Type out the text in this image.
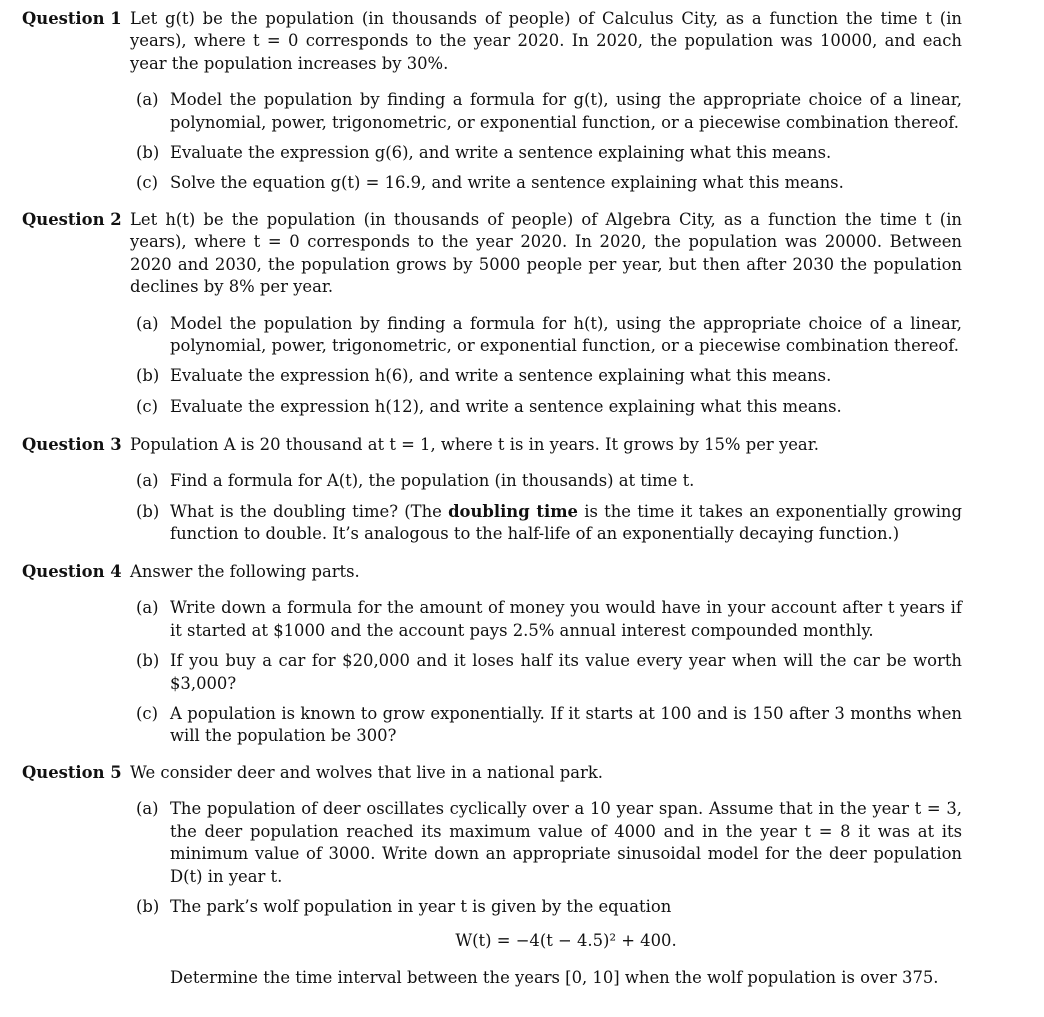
Question 1 Let g(t) be the population (in thousands of people) of Calculus City, as a function the time t (in years), where t = 0 corresponds to the year 2020. In 2020, the population was 10000, and each year the population increases by 30%.
(a) Model the population by finding a formula for g(t), using the appropriate choice of a linear, polynomial, power, trigonometric, or exponential function, or a piecewise combination thereof.
(b) Evaluate the expression g(6), and write a sentence explaining what this means.
(c) Solve the equation g(t) = 16.9, and write a sentence explaining what this means.
Question 2 Let h(t) be the population (in thousands of people) of Algebra City, as a function the time t (in years), where t = 0 corresponds to the year 2020. In 2020, the population was 20000. Between 2020 and 2030, the population grows by 5000 people per year, but then after 2030 the population declines by 8% per year.
(a) Model the population by finding a formula for h(t), using the appropriate choice of a linear, polynomial, power, trigonometric, or exponential function, or a piecewise combination thereof.
(b) Evaluate the expression h(6), and write a sentence explaining what this means.
(c) Evaluate the expression h(12), and write a sentence explaining what this means.
Question 3 Population A is 20 thousand at t = 1, where t is in years. It grows by 15% per year.
(a) Find a formula for A(t), the population (in thousands) at time t.
(b) What is the doubling time? (The doubling time is the time it takes an exponentially growing function to double. It’s analogous to the half-life of an exponentially decaying function.)
Question 4 Answer the following parts.
(a) Write down a formula for the amount of money you would have in your account after t years if it started at $1000 and the account pays 2.5% annual interest compounded monthly.
(b) If you buy a car for $20,000 and it loses half its value every year when will the car be worth $3,000?
(c) A population is known to grow exponentially. If it starts at 100 and is 150 after 3 months when will the population be 300?
Question 5 We consider deer and wolves that live in a national park.
(a) The population of deer oscillates cyclically over a 10 year span. Assume that in the year t = 3, the deer population reached its maximum value of 4000 and in the year t = 8 it was at its minimum value of 3000. Write down an appropriate sinusoidal model for the deer population D(t) in year t.
(b) The park’s wolf population in year t is given by the equation
W(t) = −4(t − 4.5)² + 400.
Determine the time interval between the years [0, 10] when the wolf population is over 375.
